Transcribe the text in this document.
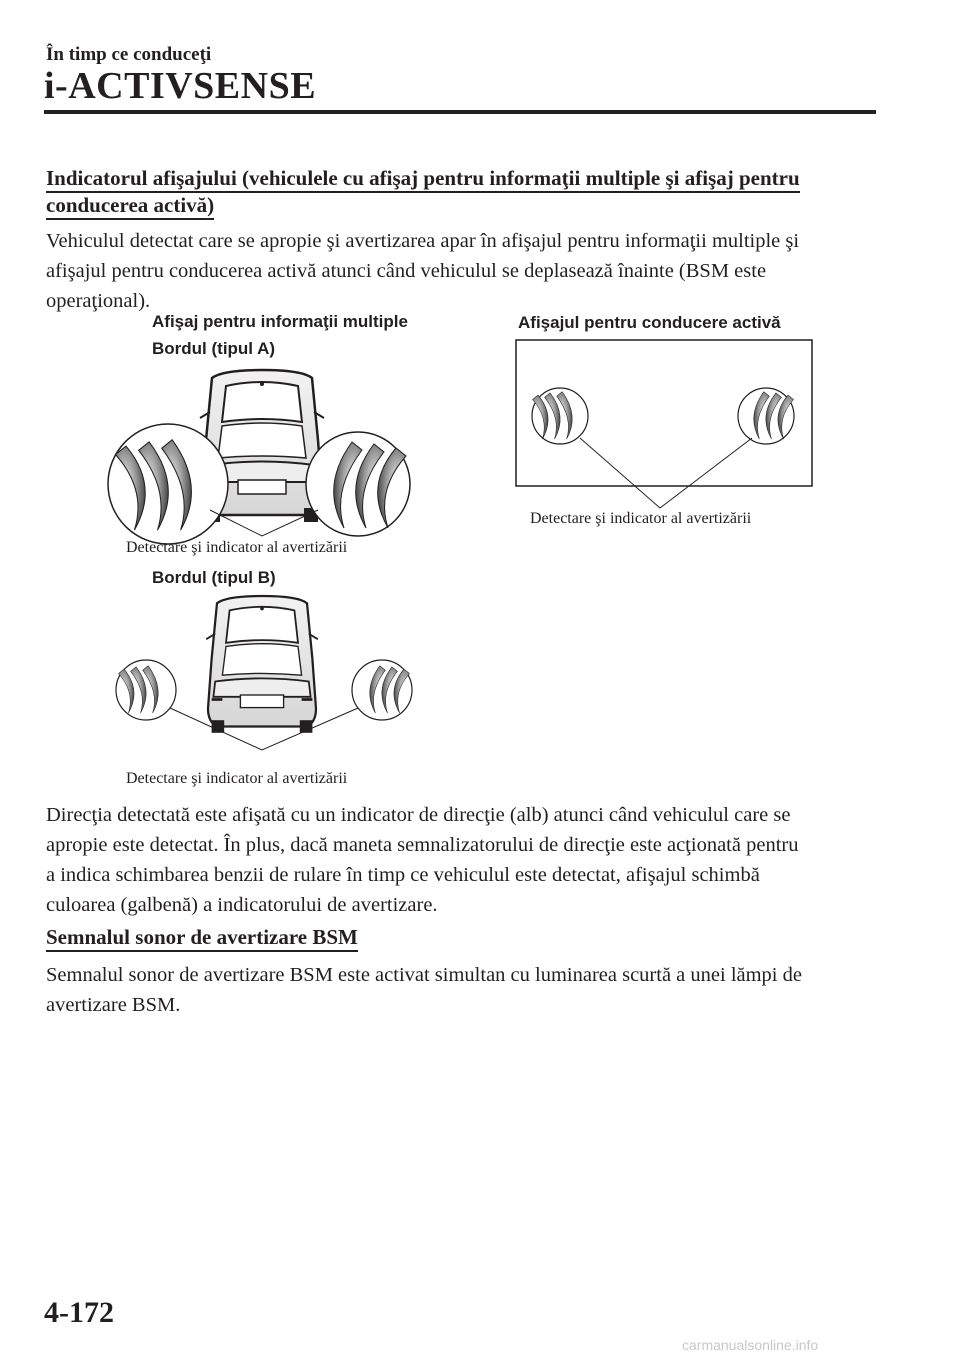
În timp ce conduceţi
i-ACTIVSENSE
Indicatorul afişajului (vehiculele cu afişaj pentru informaţii multiple şi afişaj pentru
conducerea activă)
Vehiculul detectat care se apropie şi avertizarea apar în afişajul pentru informaţii multiple şi
afişajul pentru conducerea activă atunci când vehiculul se deplasează înainte (BSM este
operaţional).
Afişaj pentru informaţii multiple
Bordul (tipul A)
Afişajul pentru conducere activă
Detectare şi indicator al avertizării
Bordul (tipul B)
Detectare şi indicator al avertizării
Detectare şi indicator al avertizării
Direcţia detectată este afişată cu un indicator de direcţie (alb) atunci când vehiculul care se
apropie este detectat. În plus, dacă maneta semnalizatorului de direcţie este acţionată pentru
a indica schimbarea benzii de rulare în timp ce vehiculul este detectat, afişajul schimbă
culoarea (galbenă) a indicatorului de avertizare.
Semnalul sonor de avertizare BSM
Semnalul sonor de avertizare BSM este activat simultan cu luminarea scurtă a unei lămpi de
avertizare BSM.
4-172
carmanualsonline.info
